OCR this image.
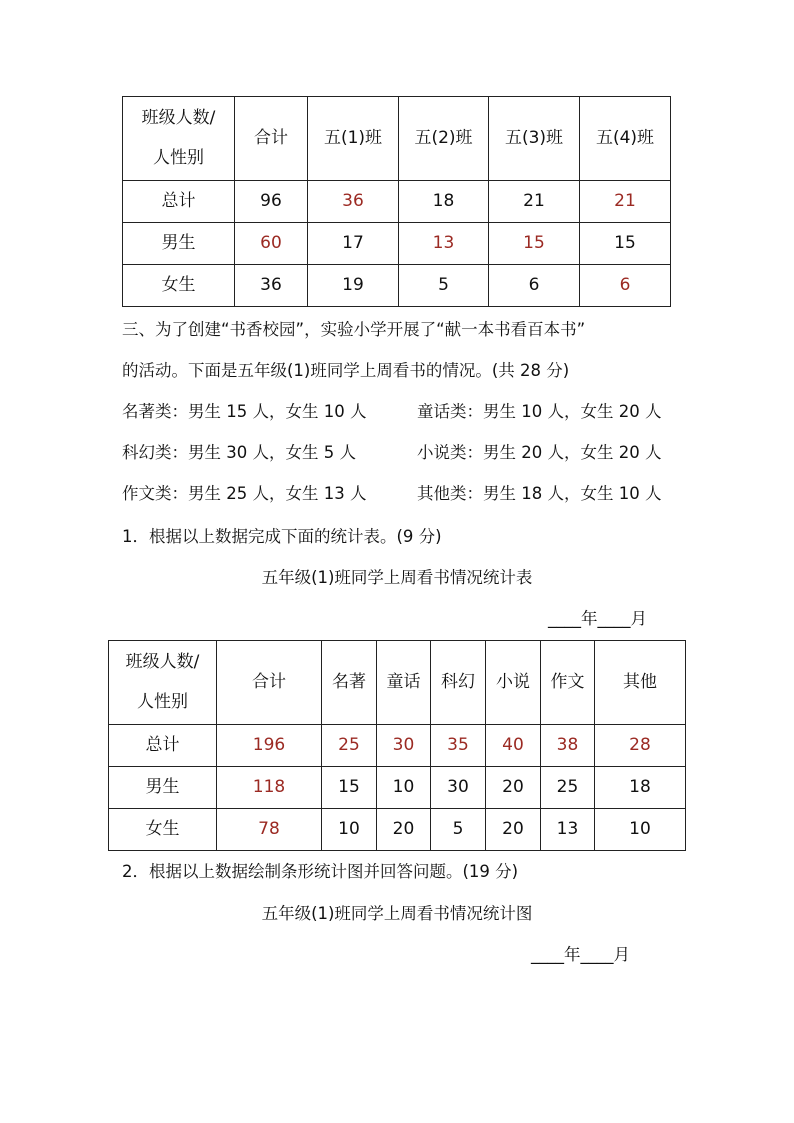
班级人数/
人性别	合计	五(1)班	五(2)班	五(3)班	五(4)班
总计	96	36	18	21	21
男生	60	17	13	15	15
女生	36	19	5	6	6
三、为了创建“书香校园”，实验小学开展了“献一本书看百本书”
的活动。下面是五年级(1)班同学上周看书的情况。(共 28 分)
名著类：男生 15 人，女生 10 人	童话类：男生 10 人，女生 20 人
科幻类：男生 30 人，女生 5 人	小说类：男生 20 人，女生 20 人
作文类：男生 25 人，女生 13 人	其他类：男生 18 人，女生 10 人
1．根据以上数据完成下面的统计表。(9 分)
五年级(1)班同学上周看书情况统计表
____年____月
班级人数/
人性别	合计	名著	童话	科幻	小说	作文	其他
总计	196	25	30	35	40	38	28
男生	118	15	10	30	20	25	18
女生	78	10	20	5	20	13	10
2．根据以上数据绘制条形统计图并回答问题。(19 分)
五年级(1)班同学上周看书情况统计图
____年____月
